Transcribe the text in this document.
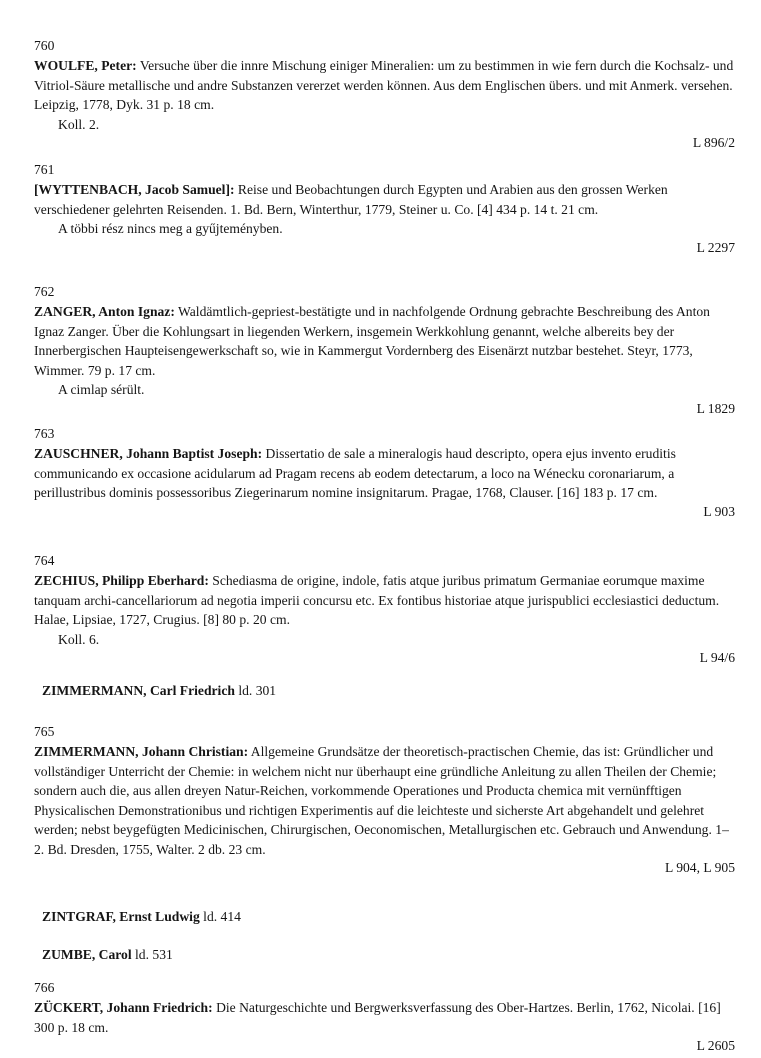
760
WOULFE, Peter: Versuche über die innre Mischung einiger Mineralien: um zu bestimmen in wie fern durch die Kochsalz- und Vitriol-Säure metallische und andre Substanzen vererzet werden können. Aus dem Englischen übers. und mit Anmerk. versehen. Leipzig, 1778, Dyk. 31 p. 18 cm.
Koll. 2.
L 896/2
761
[WYTTENBACH, Jacob Samuel]: Reise und Beobachtungen durch Egypten und Arabien aus den grossen Werken verschiedener gelehrten Reisenden. 1. Bd. Bern, Winterthur, 1779, Steiner u. Co. [4] 434 p. 14 t. 21 cm.
A többi rész nincs meg a gyűjteményben.
L 2297
762
ZANGER, Anton Ignaz: Waldämtlich-gepriest-bestätigte und in nachfolgende Ordnung gebrachte Beschreibung des Anton Ignaz Zanger. Über die Kohlungsart in liegenden Werkern, insgemein Werkkohlung genannt, welche albereits bey der Innerbergischen Haupteisengewerkschaft so, wie in Kammergut Vordernberg des Eisenärzt nutzbar bestehet. Steyr, 1773, Wimmer. 79 p. 17 cm.
A cimlap sérült.
L 1829
763
ZAUSCHNER, Johann Baptist Joseph: Dissertatio de sale a mineralogis haud descripto, opera ejus invento eruditis communicando ex occasione acidularum ad Pragam recens ab eodem detectarum, a loco na Wénecku coronariarum, a perillustribus dominis possessoribus Ziegerinarum nomine insignitarum. Pragae, 1768, Clauser. [16] 183 p. 17 cm.
L 903
764
ZECHIUS, Philipp Eberhard: Schediasma de origine, indole, fatis atque juribus primatum Germaniae eorumque maxime tanquam archi-cancellariorum ad negotia imperii concursu etc. Ex fontibus historiae atque jurispublici ecclesiastici deductum. Halae, Lipsiae, 1727, Crugius. [8] 80 p. 20 cm.
Koll. 6.
L 94/6
ZIMMERMANN, Carl Friedrich ld. 301
765
ZIMMERMANN, Johann Christian: Allgemeine Grundsätze der theoretisch-practischen Chemie, das ist: Gründlicher und vollständiger Unterricht der Chemie: in welchem nicht nur überhaupt eine gründliche Anleitung zu allen Theilen der Chemie; sondern auch die, aus allen dreyen Natur-Reichen, vorkommende Operationes und Producta chemica mit vernünfftigen Physicalischen Demonstrationibus und richtigen Experimentis auf die leichteste und sicherste Art abgehandelt und gelehret werden; nebst beygefügten Medicinischen, Chirurgischen, Oeconomischen, Metallurgischen etc. Gebrauch und Anwendung. 1–2. Bd. Dresden, 1755, Walter. 2 db. 23 cm.
L 904, L 905
ZINTGRAF, Ernst Ludwig ld. 414
ZUMBE, Carol ld. 531
766
ZÜCKERT, Johann Friedrich: Die Naturgeschichte und Bergwerksverfassung des Ober-Hartzes. Berlin, 1762, Nicolai. [16] 300 p. 18 cm.
L 2605
